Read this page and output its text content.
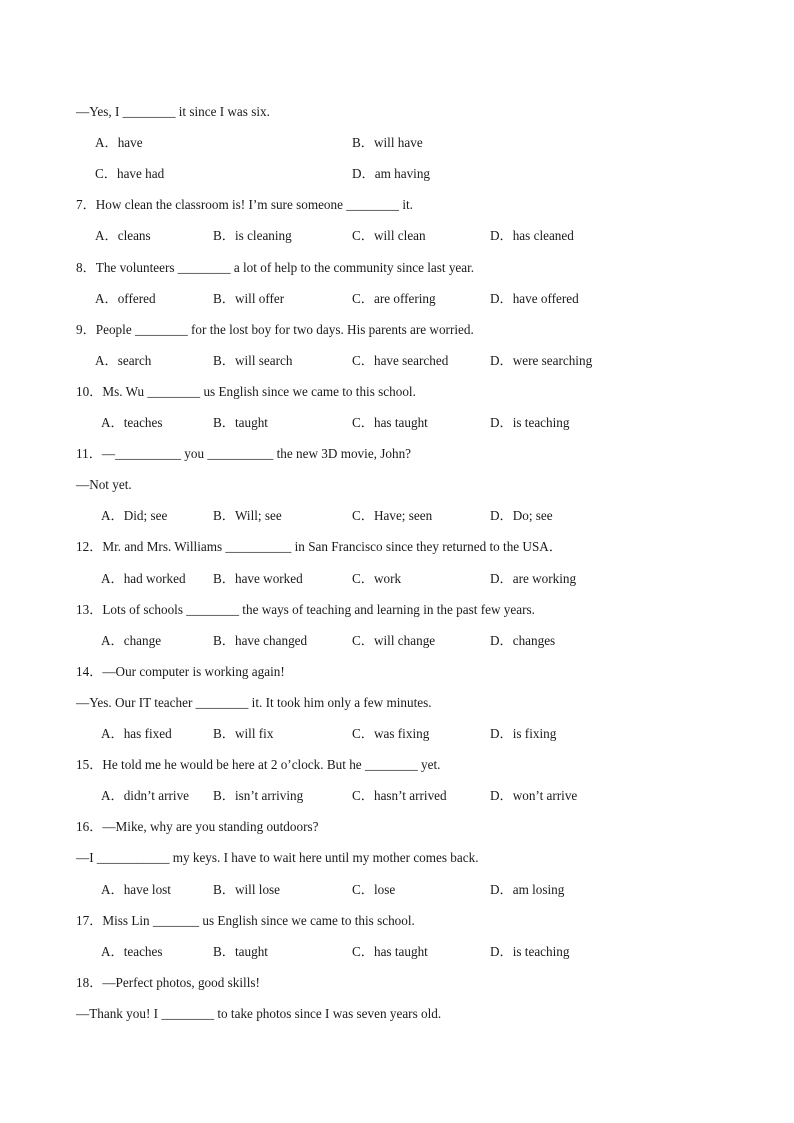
—Yes, I ________ it since I was six.
A．have	B．will have
C．have had	D．am having
7．How clean the classroom is! I’m sure someone ________ it.
A．cleans	B．is cleaning	C．will clean	D．has cleaned
8．The volunteers ________ a lot of help to the community since last year.
A．offered	B．will offer	C．are offering	D．have offered
9．People ________ for the lost boy for two days. His parents are worried.
A．search	B．will search	C．have searched	D．were searching
10．Ms. Wu ________ us English since we came to this school.
A．teaches	B．taught	C．has taught	D．is teaching
11．—__________ you __________ the new 3D movie, John?
—Not yet.
A．Did; see	B．Will; see	C．Have; seen	D．Do; see
12．Mr. and Mrs. Williams __________ in San Francisco since they returned to the USA．
A．had worked B．have worked	C．work	D．are working
13．Lots of schools ________ the ways of teaching and learning in the past few years.
A．change	B．have changed	C．will change	D．changes
14．—Our computer is working again!
—Yes. Our IT teacher ________ it. It took him only a few minutes.
A．has fixed	B．will fix	C．was fixing	D．is fixing
15．He told me he would be here at 2 o’clock. But he ________ yet.
A．didn’t arrive B．isn’t arriving	C．hasn’t arrived	D．won’t arrive
16．—Mike, why are you standing outdoors?
—I ___________ my keys. I have to wait here until my mother comes back.
A．have lost	B．will lose	C．lose	D．am losing
17．Miss Lin _______ us English since we came to this school.
A．teaches	B．taught	C．has taught	D．is teaching
18．—Perfect photos, good skills!
—Thank you! I ________ to take photos since I was seven years old.
